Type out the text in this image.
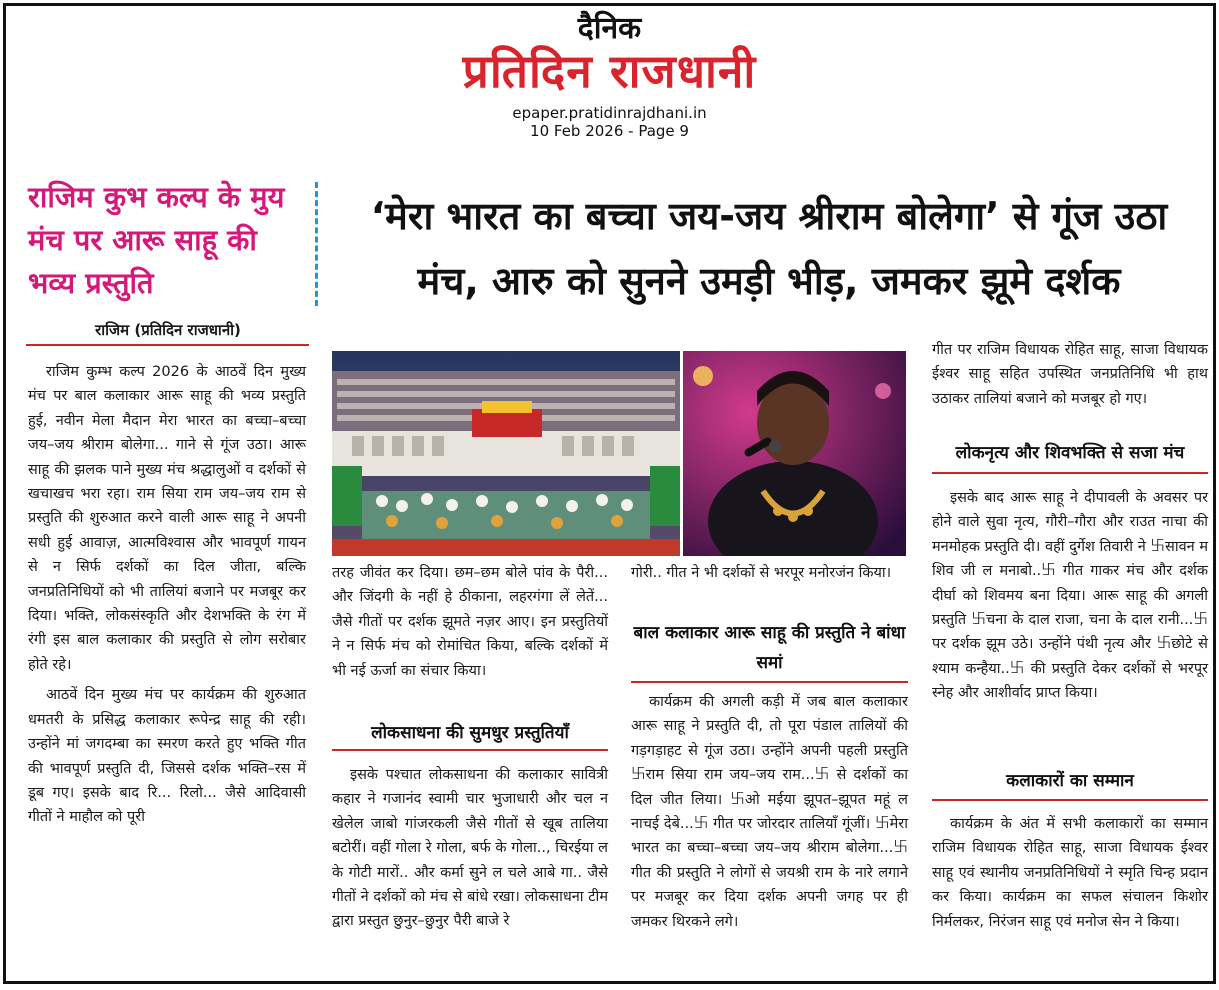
दैनिक
प्रतिदिन राजधानी
epaper.pratidinrajdhani.in
10 Feb 2026 - Page 9
राजिम कुभ कल्प के मुय मंच पर आरू साहू की भव्य प्रस्तुति
राजिम (प्रतिदिन राजधानी)

राजिम कुम्भ कल्प 2026 के आठवें दिन मुख्य मंच पर बाल कलाकार आरू साहू की भव्य प्रस्तुति हुई, नवीन मेला मैदान मेरा भारत का बच्चा–बच्चा जय–जय श्रीराम बोलेगा... गाने से गूंज उठा। आरू साहू की झलक पाने मुख्य मंच श्रद्धालुओं व दर्शकों से खचाखच भरा रहा। राम सिया राम जय–जय राम से प्रस्तुति की शुरुआत करने वाली आरू साहू ने अपनी सधी हुई आवाज़, आत्मविश्वास और भावपूर्ण गायन से न सिर्फ दर्शकों का दिल जीता, बल्कि जनप्रतिनिधियों को भी तालियां बजाने पर मजबूर कर दिया। भक्ति, लोकसंस्कृति और देशभक्ति के रंग में रंगी इस बाल कलाकार की प्रस्तुति से लोग सरोबार होते रहे।

आठवें दिन मुख्य मंच पर कार्यक्रम की शुरुआत धमतरी के प्रसिद्ध कलाकार रूपेन्द्र साहू की रही। उन्होंने मां जगदम्बा का स्मरण करते हुए भक्ति गीत की भावपूर्ण प्रस्तुति दी, जिससे दर्शक भक्ति–रस में डूब गए। इसके बाद रि... रिलो... जैसे आदिवासी गीतों ने माहौल को पूरी

‘मेरा भारत का बच्चा जय-जय श्रीराम बोलेगा’ से गूंज उठा मंच, आरु को सुनने उमड़ी भीड़, जमकर झूमे दर्शक

तरह जीवंत कर दिया। छम–छम बोले पांव के पैरी... और जिंदगी के नहीं हे ठीकाना, लहरगंगा लें लेतें... जैसे गीतों पर दर्शक झूमते नज़र आए। इन प्रस्तुतियों ने न सिर्फ मंच को रोमांचित किया, बल्कि दर्शकों में भी नई ऊर्जा का संचार किया।

लोकसाधना की सुमधुर प्रस्तुतियाँ

इसके पश्चात लोकसाधना की कलाकार सावित्री कहार ने गजानंद स्वामी चार भुजाधारी और चल न खेलेल जाबो गांजरकली जैसे गीतों से खूब तालिया बटोरीं। वहीं गोला रे गोला, बर्फ के गोला.., चिरईया ल के गोटी मारों.. और कर्मा सुने ल चले आबे गा.. जैसे गीतों ने दर्शकों को मंच से बांधे रखा। लोकसाधना टीम द्वारा प्रस्तुत छुनुर–छुनुर पैरी बाजे रे

गोरी.. गीत ने भी दर्शकों से भरपूर मनोरजंन किया।

बाल कलाकार आरू साहू की प्रस्तुति ने बांधा समां

कार्यक्रम की अगली कड़ी में जब बाल कलाकार आरू साहू ने प्रस्तुति दी, तो पूरा पंडाल तालियों की गड़गड़ाहट से गूंज उठा। उन्होंने अपनी पहली प्रस्तुति ࿕राम सिया राम जय–जय राम...࿕ से दर्शकों का दिल जीत लिया। ࿕ओ मईया झूपत–झूपत महूं ल नाचई देबे...࿕ गीत पर जोरदार तालियाँ गूंजीं। ࿕मेरा भारत का बच्चा–बच्चा जय–जय श्रीराम बोलेगा...࿕ गीत की प्रस्तुति ने लोगों से जयश्री राम के नारे लगाने पर मजबूर कर दिया दर्शक अपनी जगह पर ही जमकर थिरकने लगे।

गीत पर राजिम विधायक रोहित साहू, साजा विधायक ईश्वर साहू सहित उपस्थित जनप्रतिनिधि भी हाथ उठाकर तालियां बजाने को मजबूर हो गए।

लोकनृत्य और शिवभक्ति से सजा मंच

इसके बाद आरू साहू ने दीपावली के अवसर पर होने वाले सुवा नृत्य, गौरी–गौरा और राउत नाचा की मनमोहक प्रस्तुति दी। वहीं दुर्गेश तिवारी ने ࿕सावन म शिव जी ल मनाबो..࿕ गीत गाकर मंच और दर्शक दीर्घा को शिवमय बना दिया। आरू साहू की अगली प्रस्तुति ࿕चना के दाल राजा, चना के दाल रानी...࿕ पर दर्शक झूम उठे। उन्होंने पंथी नृत्य और ࿕छोटे से श्याम कन्हैया..࿕ की प्रस्तुति देकर दर्शकों से भरपूर स्नेह और आशीर्वाद प्राप्त किया।

कलाकारों का सम्मान

कार्यक्रम के अंत में सभी कलाकारों का सम्मान राजिम विधायक रोहित साहू, साजा विधायक ईश्वर साहू एवं स्थानीय जनप्रतिनिधियों ने स्मृति चिन्ह प्रदान कर किया। कार्यक्रम का सफल संचालन किशोर निर्मलकर, निरंजन साहू एवं मनोज सेन ने किया।
